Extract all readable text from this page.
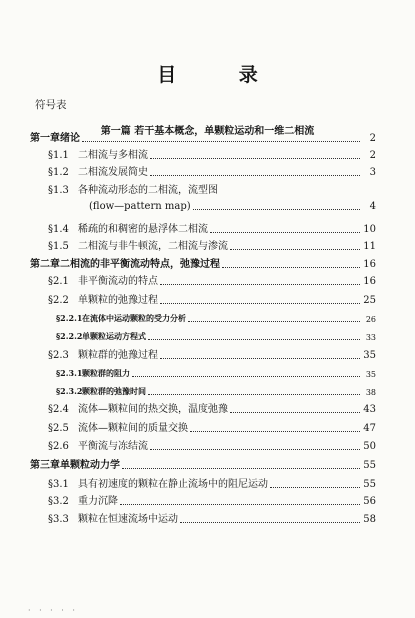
目 录
符号表
第一篇 若干基本概念，单颗粒运动和一维二相流
第一章绪论	2
§1.1 二相流与多相流	2
§1.2 二相流发展简史	3
§1.3 各种流动形态的二相流，流型图
(flow—pattern map)	4
§1.4 稀疏的和稠密的悬浮体二相流	10
§1.5 二相流与非牛顿流，二相流与渗流	11
第二章二相流的非平衡流动特点，弛豫过程	16
§2.1 非平衡流动的特点	16
§2.2 单颗粒的弛豫过程	25
§2.2.1在流体中运动颗粒的受力分析	26
§2.2.2单颗粒运动方程式	33
§2.3 颗粒群的弛豫过程	35
§2.3.1颗粒群的阻力	35
§2.3.2颗粒群的弛豫时间	38
§2.4 流体—颗粒间的热交换，温度弛豫	43
§2.5 流体—颗粒间的质量交换	47
§2.6 平衡流与冻结流	50
第三章单颗粒动力学	55
§3.1 具有初速度的颗粒在静止流场中的阻尼运动	55
§3.2 重力沉降	56
§3.3 颗粒在恒速流场中运动	58
· · · · ·
